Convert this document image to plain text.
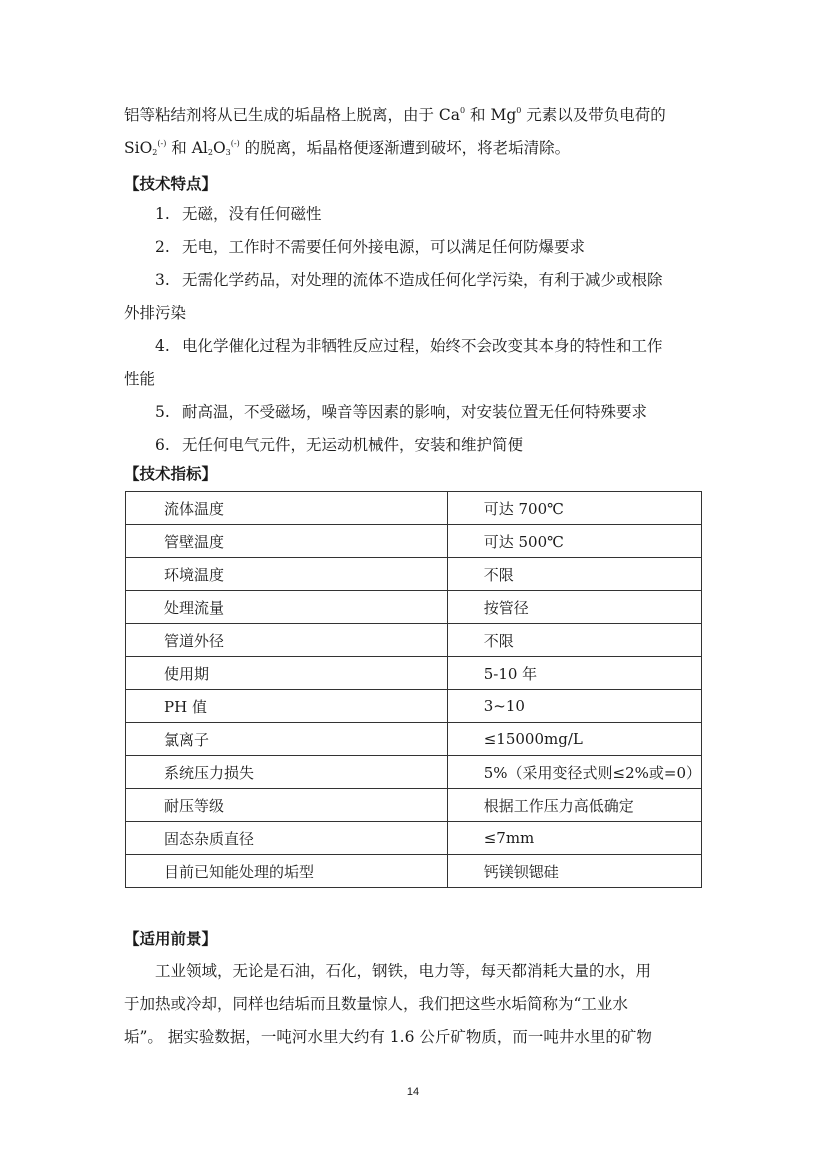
铝等粘结剂将从已生成的垢晶格上脱离，由于 Ca$^0$ 和 Mg$^0$ 元素以及带负电荷的
SiO$_2$(-) 和 $Al_2O_3^{(-)}$ 的脱离，垢晶格便逐渐遭到破坏，将老垢清除。

【技术特点】
1. 无磁，没有任何磁性
2. 无电，工作时不需要任何外接电源，可以满足任何防爆要求
3. 无需化学药品，对处理的流体不造成任何化学污染，有利于减少或根除
外排污染
4. 电化学催化过程为非牺牲反应过程，始终不会改变其本身的特性和工作
性能
5. 耐高温，不受磁场，噪音等因素的影响，对安装位置无任何特殊要求
6. 无任何电气元件，无运动机械件，安装和维护简便
【技术指标】
流体温度	可达 700℃
管壁温度	可达 500℃
环境温度	不限
处理流量	按管径
管道外径	不限
使用期	5-10 年
PH 值	3~10
氯离子	≤15000mg/L
系统压力损失	5%（采用变径式则≤2%或=0）
耐压等级	根据工作压力高低确定
固态杂质直径	≤7mm
目前已知能处理的垢型	钙镁钡锶硅
【适用前景】

工业领域，无论是石油，石化，钢铁，电力等，每天都消耗大量的水，用
于加热或冷却，同样也结垢而且数量惊人，我们把这些水垢简称为“工业水
垢”。 据实验数据，一吨河水里大约有 1.6 公斤矿物质，而一吨井水里的矿物

14
